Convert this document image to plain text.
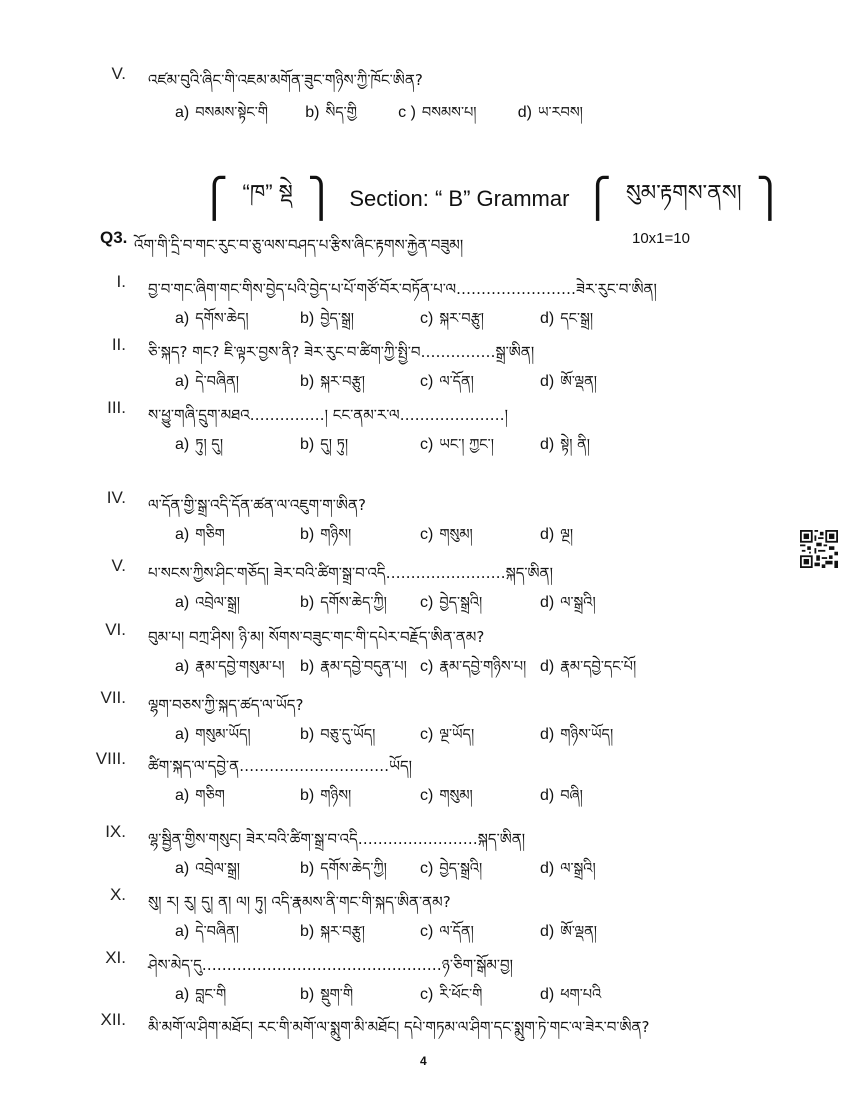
V. འཛམ་བུའི་ཞིང་གི་འཇམ་མགོན་ཟུང་གཉིས་ཀྱི་ཁོང་ཨིན?
a) བསམས་སྟེང་གི b) སིད་གྱི	c ) བསམས་པ།	d) ཡ་རབས།
⎧ “ཁ” སྡེ ⎫ Section: “ B” Grammar ⎧ སུམ་རྟགས་ནས། ⎫
Q3. འོག་གི་དྲི་བ་གང་རུང་བ་ཅུ་ལས་བཤད་པ་རྩིས་ཞིང་རྟགས་རྐྱེན་བཟུམ།	10x1=10
I. བྱ་བ་གང་ཞིག་གང་གིས་བྱེད་པའི་བྱེད་པ་པོ་གཙོ་བོར་བཏོན་པ་ལ……………………ཟེར་རུང་བ་ཨིན།
a) དགོས་ཆེད།	b) བྱེད་སྒྲ།	c) སྐར་བརྩུ།	d) དང་སྒྲ།
II. ཅི་སྐད? གང? ཇི་ལྟར་བྱས་ནི? ཟེར་རུང་བ་ཚིག་ཀྱི་སྤྱི་བ……………སྒྲ་ཨིན།
a) དེ་བཞིན།	b) སྐར་བརྩུ།	c) ལ་དོན།	d) ཨོ་ལྡན།
III. ས་ཕྱུ་གཞི་དྲུག་མཐའ……………། ངང་ནམ་ར་ལ…………………།
a) ཏུ། དུ།	b) དུ། ཏུ།	c) ཡང་། ཀྱང་།	d) སྟེ། ནི།
IV. ལ་དོན་གྱི་སྒྲ་འདི་དོན་ཚན་ལ་འཇུག་ག་ཨིན?
a) གཅིག	b) གཉིས།	c) གསུམ།	d) ལྔ།
V. པ་སངས་ཀྱིས་ཤིང་གཅོད། ཟེར་བའི་ཚིག་སྒྲ་བ་འདི……………………སྐད་ཨིན།
a) འབྲེལ་སྒྲ།	b) དགོས་ཆེད་ཀྱི། c) བྱེད་སྒྲའི།	d) ལ་སྒྲའི།
VI. བུམ་པ། བཀྲ་ཤིས། ཉི་མ། སོགས་བཟུང་གང་གི་དཔེར་བརྗོད་ཨིན་ནམ?
a) རྣམ་དབྱེ་གསུམ་པ། b) རྣམ་དབྱེ་བདུན་པ། c) རྣམ་དབྱེ་གཉིས་པ། d) རྣམ་དབྱེ་དང་པོ།
VII. ལྷག་བཅས་ཀྱི་སྐད་ཚད་ལ་ཡོད?
a) གསུམ་ཡོད།	b) བཅུ་དུ་ཡོད།	c) ལྔ་ཡོད།	d) གཉིས་ཡོད།
VIII. ཚིག་སྐད་ལ་དབྱེ་ན…………………………ཡོད།
a) གཅིག	b) གཉིས།	c) གསུམ།	d) བཞི།
IX. ལྷ་སྦྱིན་གྱིས་གསུང། ཟེར་བའི་ཚིག་སྒྲ་བ་འདི……………………སྐད་ཨིན།
a) འབྲེལ་སྒྲ།	b) དགོས་ཆེད་ཀྱི། c) བྱེད་སྒྲའི།	d) ལ་སྒྲའི།
X. སུ། ར། རུ། དུ། ན། ལ། ཏུ། འདི་རྣམས་ནི་གང་གི་སྐད་ཨིན་ནམ?
a) དེ་བཞིན།	b) སྐར་བརྩུ།	c) ལ་དོན།	d) ཨོ་ལྡན།
XI. ཤེས་མེད་དུ…………………………………………ཉ་ཅིག་སྒོམ་བྱ།
a) བླང་གི	b) སྡུག་གི	c) རི་ཕོང་གི	d) ཕག་པའི
XII. མི་མགོ་ལ་ཤིག་མཐོང། རང་གི་མགོ་ལ་སྨུག་མི་མཐོང། དཔེ་གཏམ་ལ་ཤིག་དང་སྨུག་ཏེ་གང་ལ་ཟེར་བ་ཨིན?
4
